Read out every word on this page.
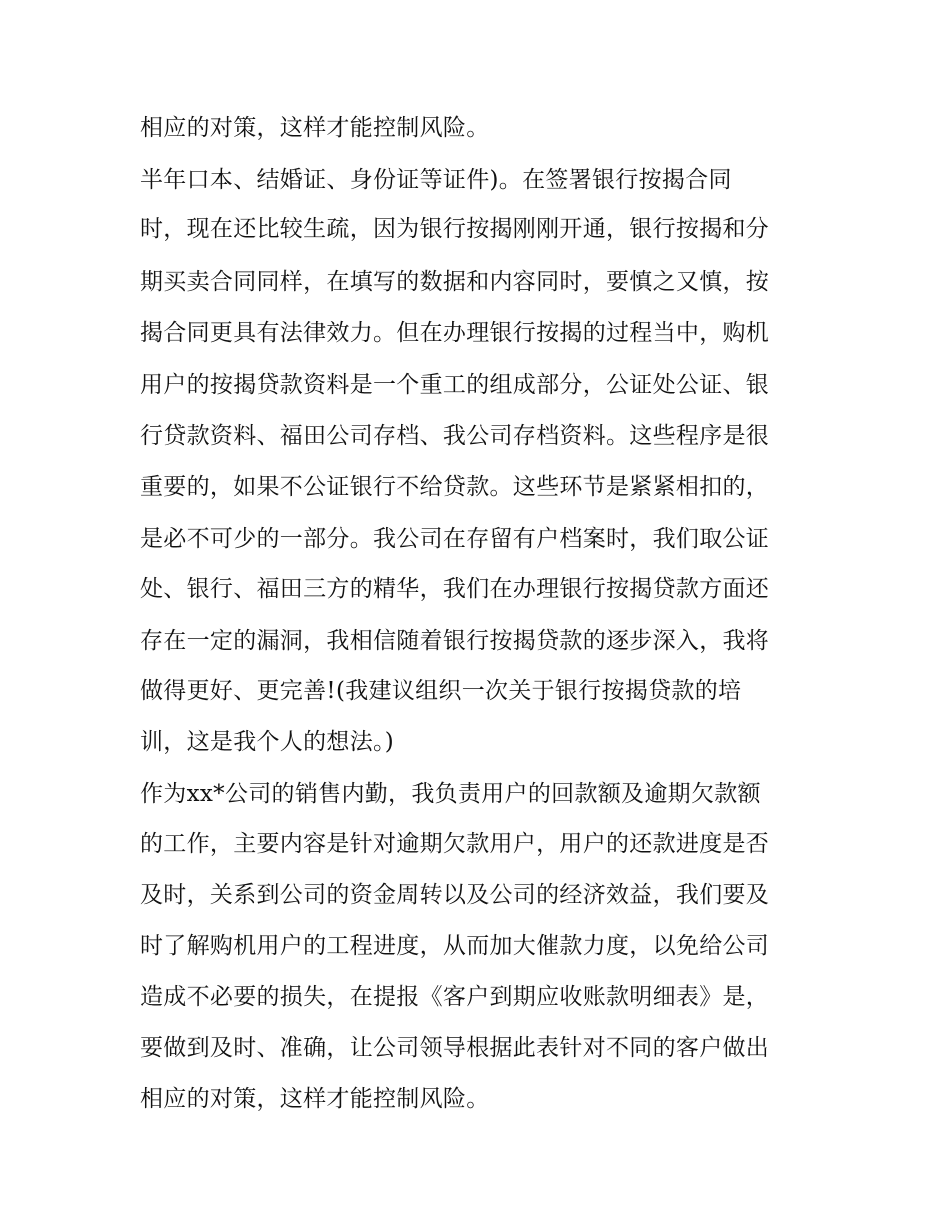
相应的对策，这样才能控制风险。
半年口本、结婚证、身份证等证件)。在签署银行按揭合同
时，现在还比较生疏，因为银行按揭刚刚开通，银行按揭和分
期买卖合同同样，在填写的数据和内容同时，要慎之又慎，按
揭合同更具有法律效力。但在办理银行按揭的过程当中，购机
用户的按揭贷款资料是一个重工的组成部分，公证处公证、银
行贷款资料、福田公司存档、我公司存档资料。这些程序是很
重要的，如果不公证银行不给贷款。这些环节是紧紧相扣的，
是必不可少的一部分。我公司在存留有户档案时，我们取公证
处、银行、福田三方的精华，我们在办理银行按揭贷款方面还
存在一定的漏洞，我相信随着银行按揭贷款的逐步深入，我将
做得更好、更完善!(我建议组织一次关于银行按揭贷款的培
训，这是我个人的想法。)
作为xx*公司的销售内勤，我负责用户的回款额及逾期欠款额
的工作，主要内容是针对逾期欠款用户，用户的还款进度是否
及时，关系到公司的资金周转以及公司的经济效益，我们要及
时了解购机用户的工程进度，从而加大催款力度，以免给公司
造成不必要的损失，在提报《客户到期应收账款明细表》是，
要做到及时、准确，让公司领导根据此表针对不同的客户做出
相应的对策，这样才能控制风险。
